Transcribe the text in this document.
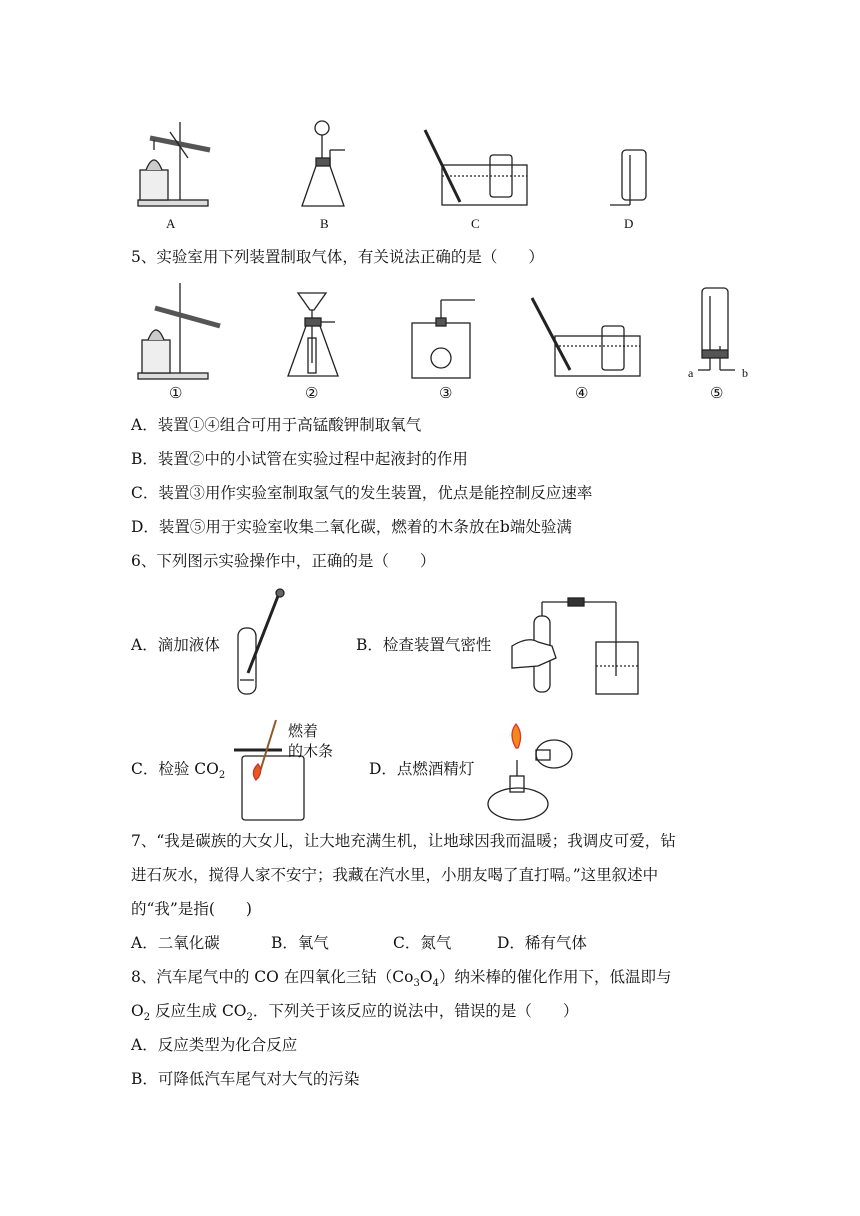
A	B	C	D
5、实验室用下列装置制取气体，有关说法正确的是（　　）
①	②	③	④	⑤
a	b
A．装置①④组合可用于高锰酸钾制取氧气
B．装置②中的小试管在实验过程中起液封的作用
C．装置③用作实验室制取氢气的发生装置，优点是能控制反应速率
D．装置⑤用于实验室收集二氧化碳，燃着的木条放在b端处验满
6、下列图示实验操作中，正确的是（　　）
A．滴加液体	B．检查装置气密性
C．检验 $CO_2$
燃着
的木条
D．点燃酒精灯
7、“我是碳族的大女儿，让大地充满生机，让地球因我而温暖；我调皮可爱，钻
进石灰水，搅得人家不安宁；我藏在汽水里，小朋友喝了直打嗝。”这里叙述中
的“我”是指(　　)
A．二氧化碳	B．氧气	C．氮气	D．稀有气体
8、汽车尾气中的 CO 在四氧化三钴$(Co_3O_4)$纳米棒的催化作用下，低温即与
$O_2$ 反应生成 $CO_2$．下列关于该反应的说法中，错误的是（　　）
A．反应类型为化合反应
B．可降低汽车尾气对大气的污染
